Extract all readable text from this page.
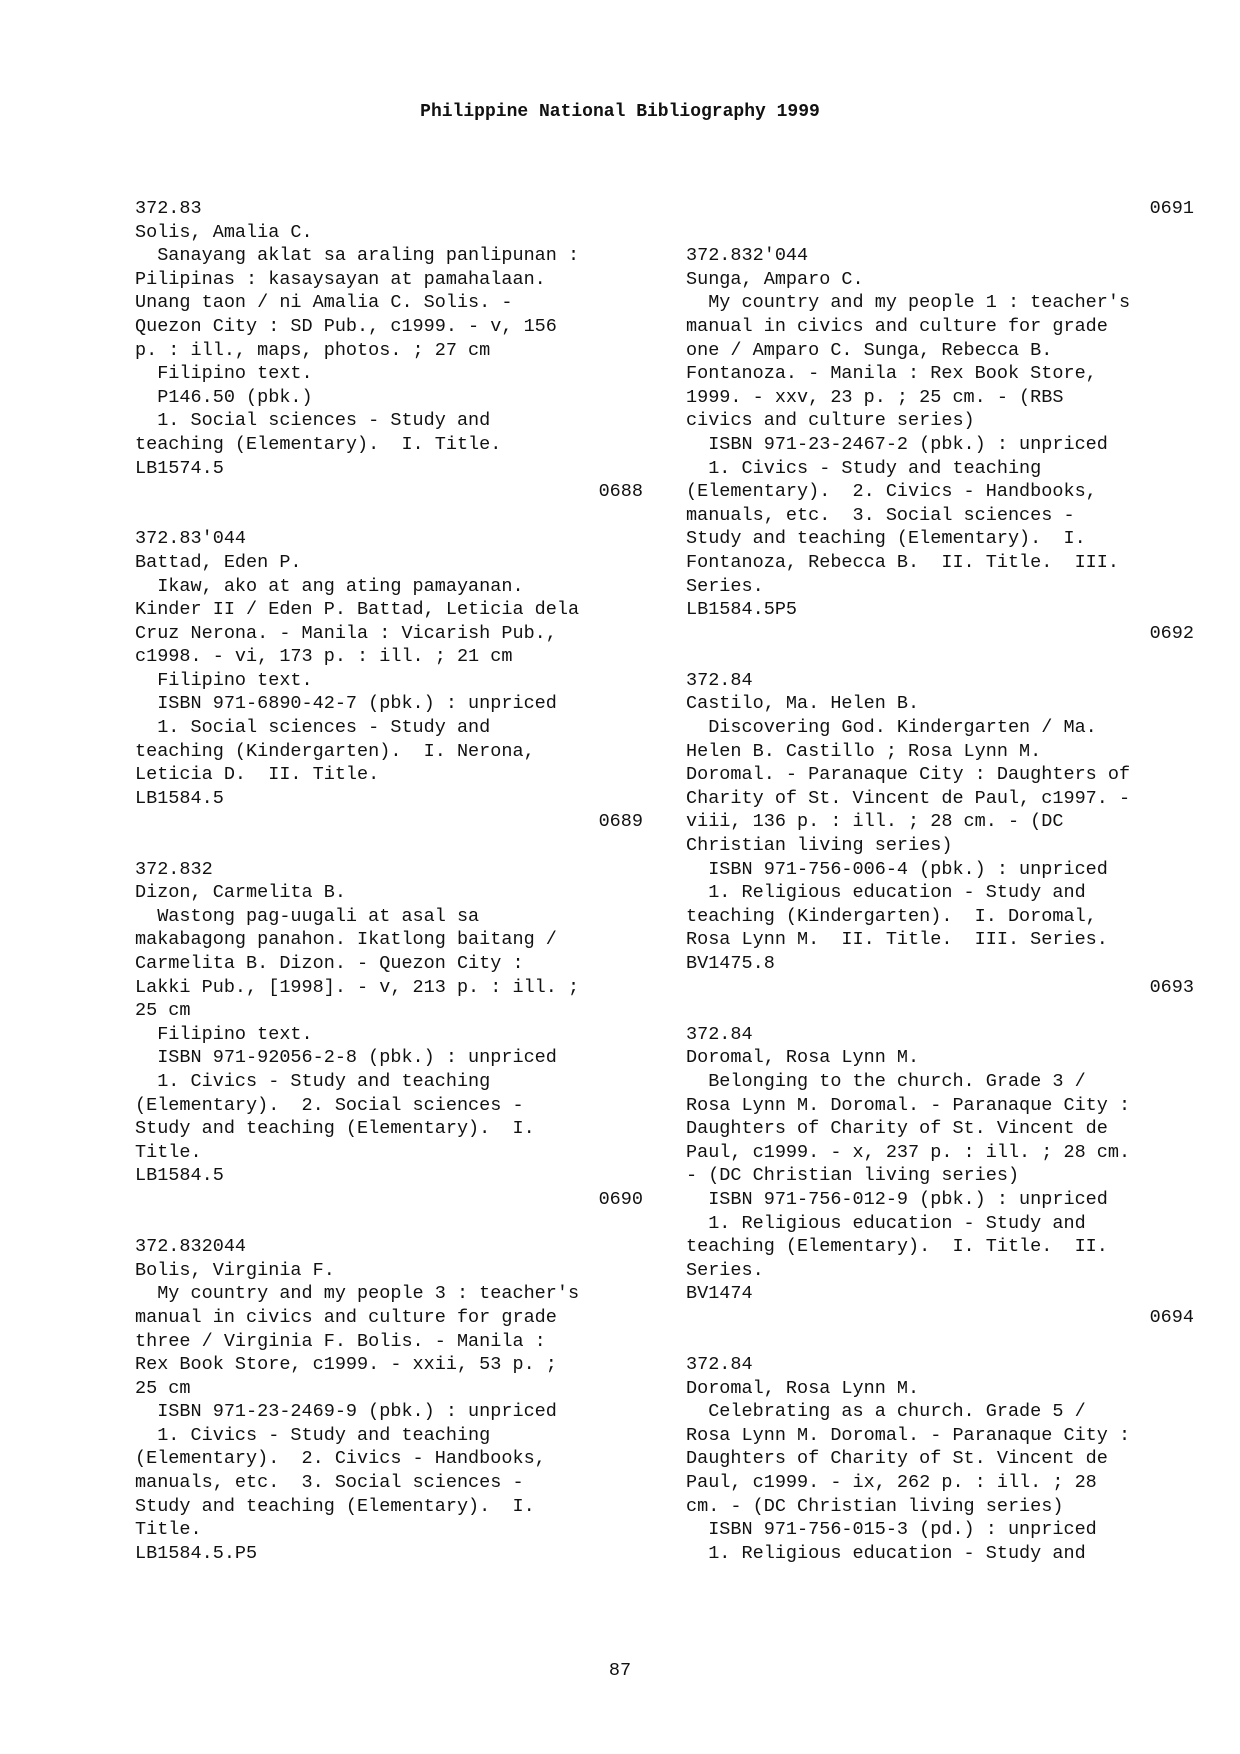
Philippine National Bibliography 1999
372.83
Solis, Amalia C.
Sanayang aklat sa araling panlipunan :
Pilipinas : kasaysayan at pamahalaan.
Unang taon / ni Amalia C. Solis. -
Quezon City : SD Pub., c1999. - v, 156
p. : ill., maps, photos. ; 27 cm
Filipino text.
P146.50 (pbk.)
1. Social sciences - Study and
teaching (Elementary).  I. Title.
LB1574.5
0688
372.83'044
Battad, Eden P.
Ikaw, ako at ang ating pamayanan.
Kinder II / Eden P. Battad, Leticia dela
Cruz Nerona. - Manila : Vicarish Pub.,
c1998. - vi, 173 p. : ill. ; 21 cm
Filipino text.
ISBN 971-6890-42-7 (pbk.) : unpriced
1. Social sciences - Study and
teaching (Kindergarten).  I. Nerona,
Leticia D.  II. Title.
LB1584.5
0689
372.832
Dizon, Carmelita B.
Wastong pag-uugali at asal sa
makabagong panahon. Ikatlong baitang /
Carmelita B. Dizon. - Quezon City :
Lakki Pub., [1998]. - v, 213 p. : ill. ;
25 cm
Filipino text.
ISBN 971-92056-2-8 (pbk.) : unpriced
1. Civics - Study and teaching
(Elementary).  2. Social sciences -
Study and teaching (Elementary).  I.
Title.
LB1584.5
0690
372.832044
Bolis, Virginia F.
My country and my people 3 : teacher's
manual in civics and culture for grade
three / Virginia F. Bolis. - Manila :
Rex Book Store, c1999. - xxii, 53 p. ;
25 cm
ISBN 971-23-2469-9 (pbk.) : unpriced
1. Civics - Study and teaching
(Elementary).  2. Civics - Handbooks,
manuals, etc.  3. Social sciences -
Study and teaching (Elementary).  I.
Title.
LB1584.5.P5
0691
372.832'044
Sunga, Amparo C.
My country and my people 1 : teacher's
manual in civics and culture for grade
one / Amparo C. Sunga, Rebecca B.
Fontanoza. - Manila : Rex Book Store,
1999. - xxv, 23 p. ; 25 cm. - (RBS
civics and culture series)
ISBN 971-23-2467-2 (pbk.) : unpriced
1. Civics - Study and teaching
(Elementary).  2. Civics - Handbooks,
manuals, etc.  3. Social sciences -
Study and teaching (Elementary).  I.
Fontanoza, Rebecca B.  II. Title.  III.
Series.
LB1584.5P5
0692
372.84
Castilo, Ma. Helen B.
Discovering God. Kindergarten / Ma.
Helen B. Castillo ; Rosa Lynn M.
Doromal. - Paranaque City : Daughters of
Charity of St. Vincent de Paul, c1997. -
viii, 136 p. : ill. ; 28 cm. - (DC
Christian living series)
ISBN 971-756-006-4 (pbk.) : unpriced
1. Religious education - Study and
teaching (Kindergarten).  I. Doromal,
Rosa Lynn M.  II. Title.  III. Series.
BV1475.8
0693
372.84
Doromal, Rosa Lynn M.
Belonging to the church. Grade 3 /
Rosa Lynn M. Doromal. - Paranaque City :
Daughters of Charity of St. Vincent de
Paul, c1999. - x, 237 p. : ill. ; 28 cm.
- (DC Christian living series)
ISBN 971-756-012-9 (pbk.) : unpriced
1. Religious education - Study and
teaching (Elementary).  I. Title.  II.
Series.
BV1474
0694
372.84
Doromal, Rosa Lynn M.
Celebrating as a church. Grade 5 /
Rosa Lynn M. Doromal. - Paranaque City :
Daughters of Charity of St. Vincent de
Paul, c1999. - ix, 262 p. : ill. ; 28
cm. - (DC Christian living series)
ISBN 971-756-015-3 (pd.) : unpriced
1. Religious education - Study and
87
